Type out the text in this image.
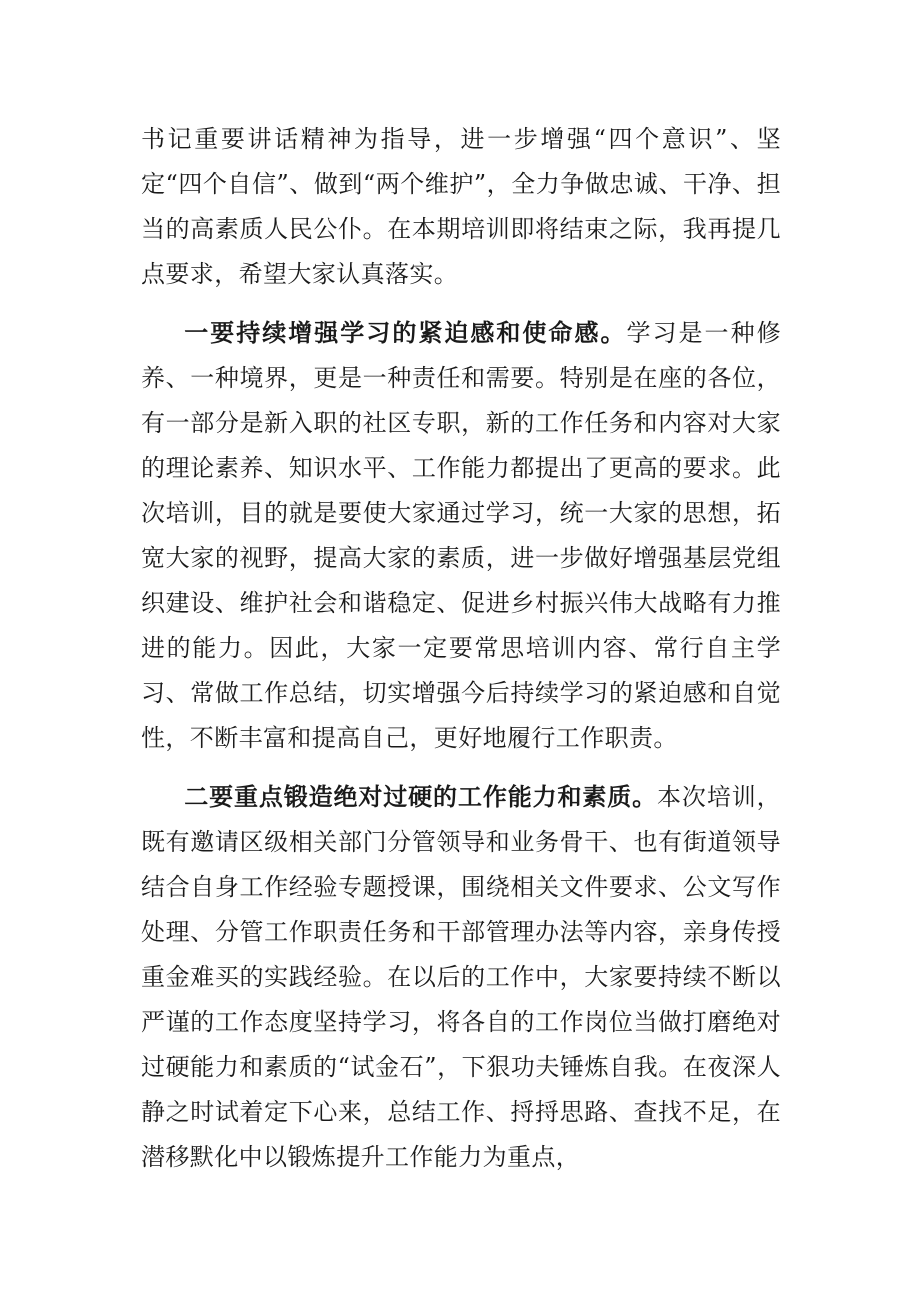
书记重要讲话精神为指导，进一步增强“四个意识”、坚定“四个自信”、做到“两个维护”，全力争做忠诚、干净、担当的高素质人民公仆。在本期培训即将结束之际，我再提几点要求，希望大家认真落实。

一要持续增强学习的紧迫感和使命感。学习是一种修养、一种境界，更是一种责任和需要。特别是在座的各位，有一部分是新入职的社区专职，新的工作任务和内容对大家的理论素养、知识水平、工作能力都提出了更高的要求。此次培训，目的就是要使大家通过学习，统一大家的思想，拓宽大家的视野，提高大家的素质，进一步做好增强基层党组织建设、维护社会和谐稳定、促进乡村振兴伟大战略有力推进的能力。因此，大家一定要常思培训内容、常行自主学习、常做工作总结，切实增强今后持续学习的紧迫感和自觉性，不断丰富和提高自己，更好地履行工作职责。

二要重点锻造绝对过硬的工作能力和素质。本次培训，既有邀请区级相关部门分管领导和业务骨干、也有街道领导结合自身工作经验专题授课，围绕相关文件要求、公文写作处理、分管工作职责任务和干部管理办法等内容，亲身传授重金难买的实践经验。在以后的工作中，大家要持续不断以严谨的工作态度坚持学习，将各自的工作岗位当做打磨绝对过硬能力和素质的“试金石”，下狠功夫锤炼自我。在夜深人静之时试着定下心来，总结工作、捋捋思路、查找不足，在潜移默化中以锻炼提升工作能力为重点，
